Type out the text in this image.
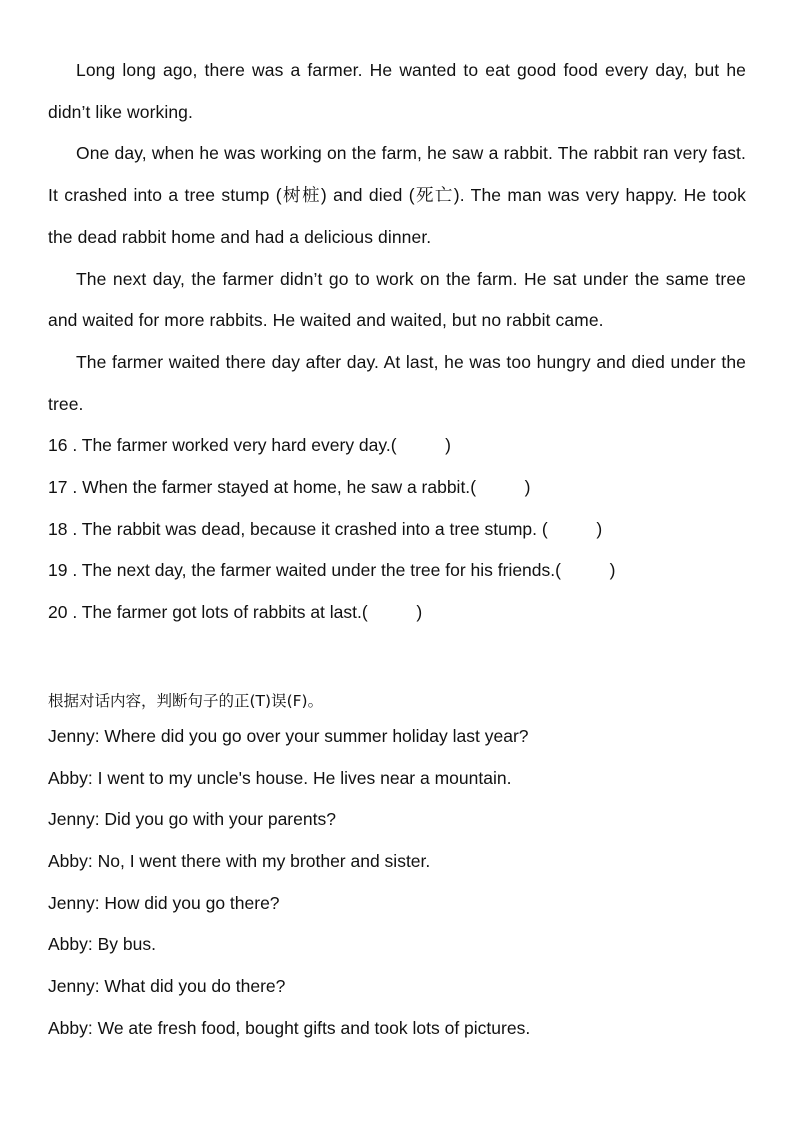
Long long ago, there was a farmer. He wanted to eat good food every day, but he didn’t like working.

One day, when he was working on the farm, he saw a rabbit. The rabbit ran very fast. It crashed into a tree stump (树桩) and died (死亡). The man was very happy. He took the dead rabbit home and had a delicious dinner.

The next day, the farmer didn’t go to work on the farm. He sat under the same tree and waited for more rabbits. He waited and waited, but no rabbit came.

The farmer waited there day after day. At last, he was too hungry and died under the tree.

16 . The farmer worked very hard every day.(          )
17 . When the farmer stayed at home, he saw a rabbit.(          )
18 . The rabbit was dead, because it crashed into a tree stump. (          )
19 . The next day, the farmer waited under the tree for his friends.(          )
20 . The farmer got lots of rabbits at last.(          )
根据对话内容，判断句子的正(T)误(F)。
Jenny: Where did you go over your summer holiday last year?
Abby: I went to my uncle's house. He lives near a mountain.
Jenny: Did you go with your parents?
Abby: No, I went there with my brother and sister.
Jenny: How did you go there?
Abby: By bus.
Jenny: What did you do there?
Abby: We ate fresh food, bought gifts and took lots of pictures.
